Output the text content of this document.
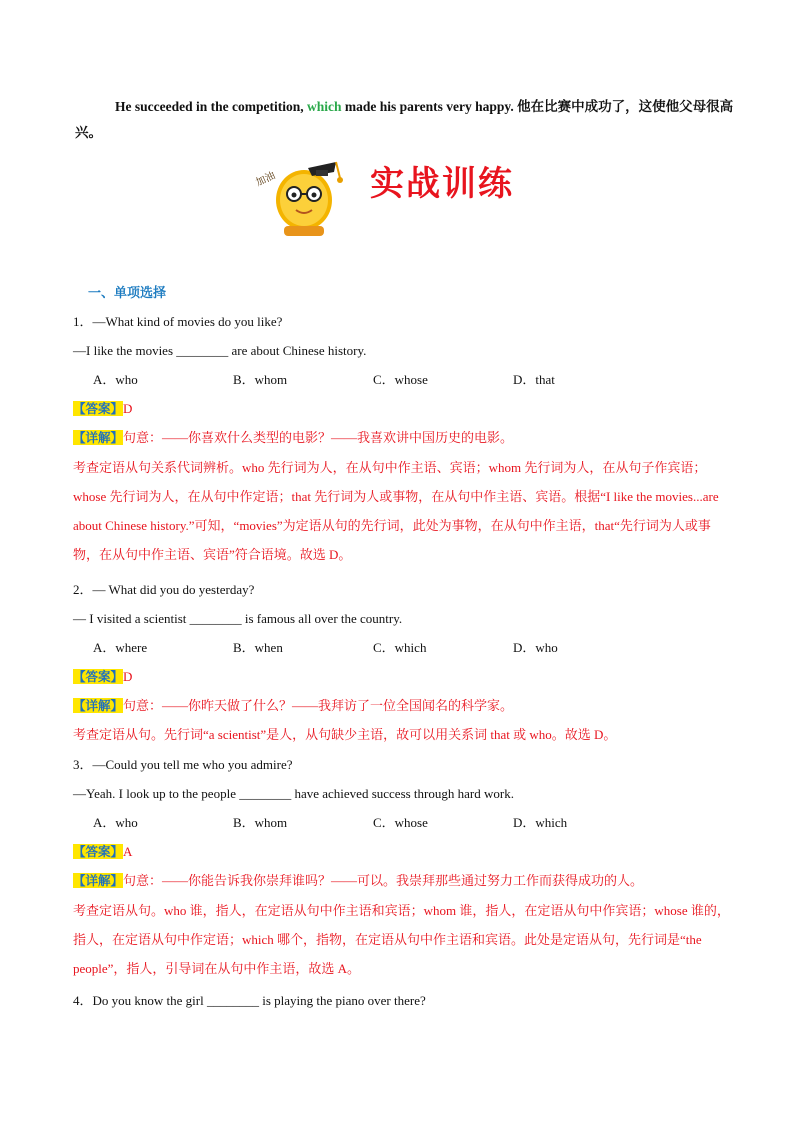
He succeeded in the competition, which made his parents very happy. 他在比赛中成功了，这使他父母很高兴。
加油	实战训练
一、单项选择
1．—What kind of movies do you like?
—I like the movies ________ are about Chinese history.
A．who	B．whom	C．whose	D．that
【答案】D
【详解】句意：——你喜欢什么类型的电影？——我喜欢讲中国历史的电影。
考查定语从句关系代词辨析。who 先行词为人，在从句中作主语、宾语；whom 先行词为人，在从句子作宾语；whose 先行词为人，在从句中作定语；that 先行词为人或事物，在从句中作主语、宾语。根据“I like the movies...are about Chinese history.”可知，“movies”为定语从句的先行词，此处为事物，在从句中作主语，that“先行词为人或事物，在从句中作主语、宾语”符合语境。故选 D。
2．— What did you do yesterday?
— I visited a scientist ________ is famous all over the country.
A．where	B．when	C．which	D．who
【答案】D
【详解】句意：——你昨天做了什么？——我拜访了一位全国闻名的科学家。
考查定语从句。先行词“a scientist”是人，从句缺少主语，故可以用关系词 that 或 who。故选 D。
3．—Could you tell me who you admire?
—Yeah. I look up to the people ________ have achieved success through hard work.
A．who	B．whom	C．whose	D．which
【答案】A
【详解】句意：——你能告诉我你崇拜谁吗？——可以。我崇拜那些通过努力工作而获得成功的人。
考查定语从句。who 谁，指人，在定语从句中作主语和宾语；whom 谁，指人，在定语从句中作宾语；whose 谁的，指人，在定语从句中作定语；which 哪个，指物，在定语从句中作主语和宾语。此处是定语从句，先行词是“the people”，指人，引导词在从句中作主语，故选 A。
4．Do you know the girl ________ is playing the piano over there?
